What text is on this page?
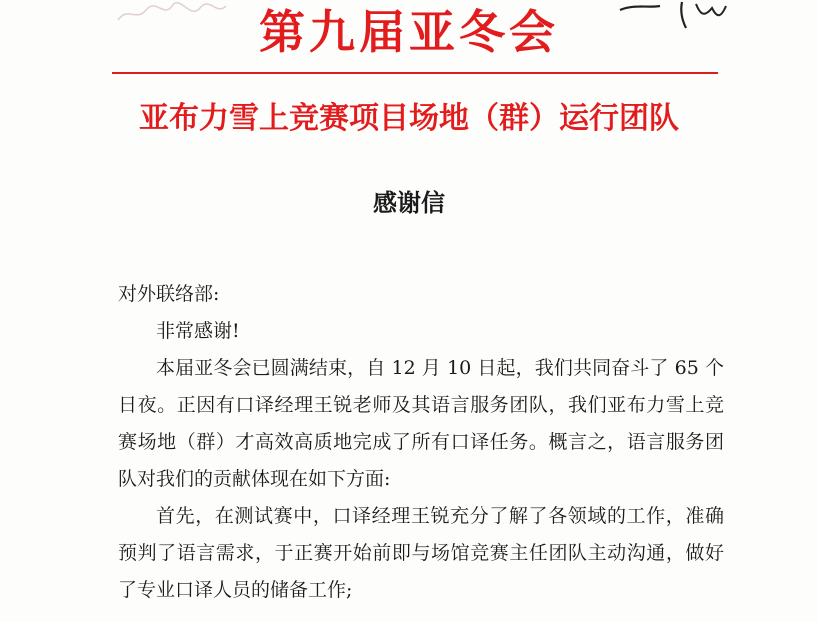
第九届亚冬会
亚布力雪上竞赛项目场地（群）运行团队
感谢信

对外联络部:

非常感谢!

本届亚冬会已圆满结束，自 12 月 10 日起，我们共同奋斗了 65 个日夜。正因有口译经理王锐老师及其语言服务团队，我们亚布力雪上竞赛场地（群）才高效高质地完成了所有口译任务。概言之，语言服务团队对我们的贡献体现在如下方面:

首先，在测试赛中，口译经理王锐充分了解了各领域的工作，准确预判了语言需求，于正赛开始前即与场馆竞赛主任团队主动沟通，做好了专业口译人员的储备工作;
